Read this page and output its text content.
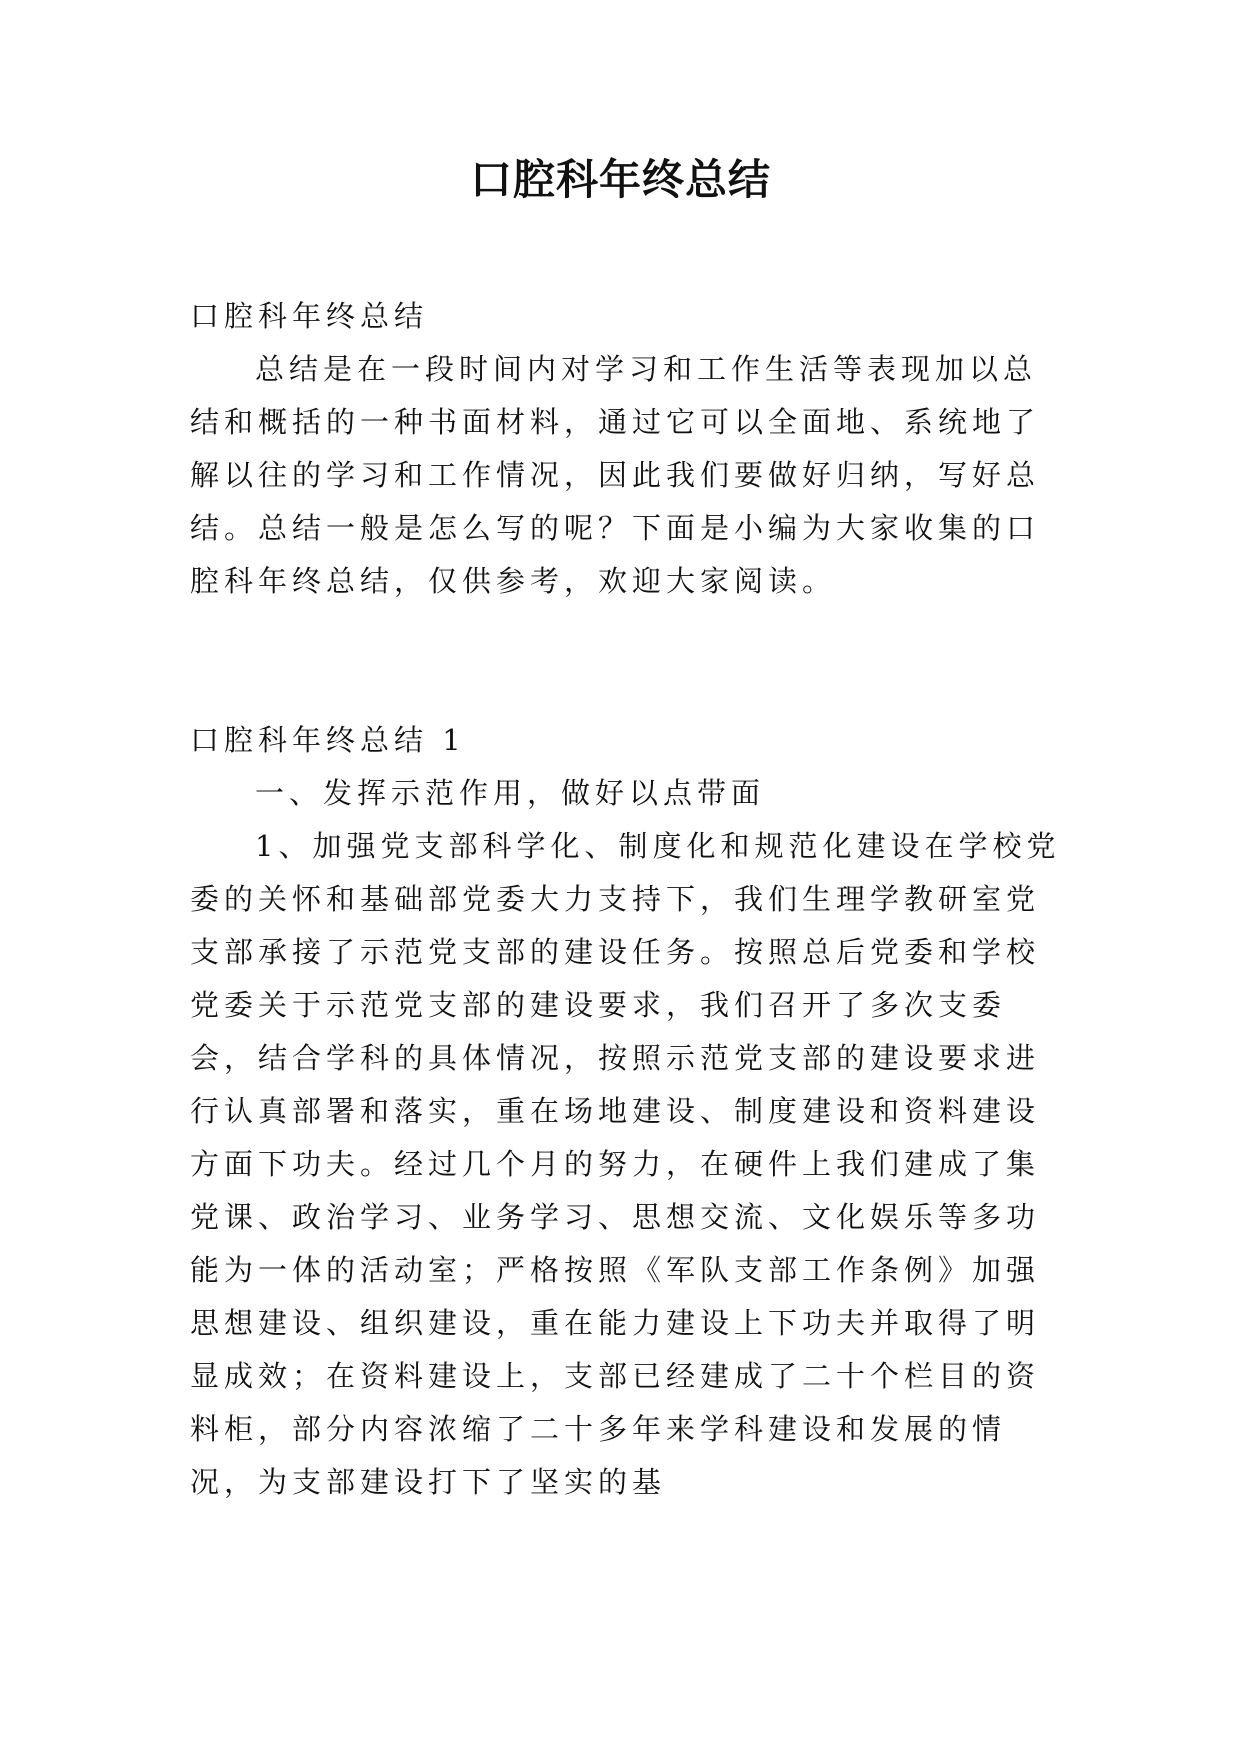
口腔科年终总结

口腔科年终总结

总结是在一段时间内对学习和工作生活等表现加以总结和概括的一种书面材料，通过它可以全面地、系统地了解以往的学习和工作情况，因此我们要做好归纳，写好总结。总结一般是怎么写的呢？下面是小编为大家收集的口腔科年终总结，仅供参考，欢迎大家阅读。

口腔科年终总结 1

一、发挥示范作用，做好以点带面

1、加强党支部科学化、制度化和规范化建设在学校党委的关怀和基础部党委大力支持下，我们生理学教研室党支部承接了示范党支部的建设任务。按照总后党委和学校党委关于示范党支部的建设要求，我们召开了多次支委会，结合学科的具体情况，按照示范党支部的建设要求进行认真部署和落实，重在场地建设、制度建设和资料建设方面下功夫。经过几个月的努力，在硬件上我们建成了集党课、政治学习、业务学习、思想交流、文化娱乐等多功能为一体的活动室；严格按照《军队支部工作条例》加强思想建设、组织建设，重在能力建设上下功夫并取得了明显成效；在资料建设上，支部已经建成了二十个栏目的资料柜，部分内容浓缩了二十多年来学科建设和发展的情况，为支部建设打下了坚实的基
